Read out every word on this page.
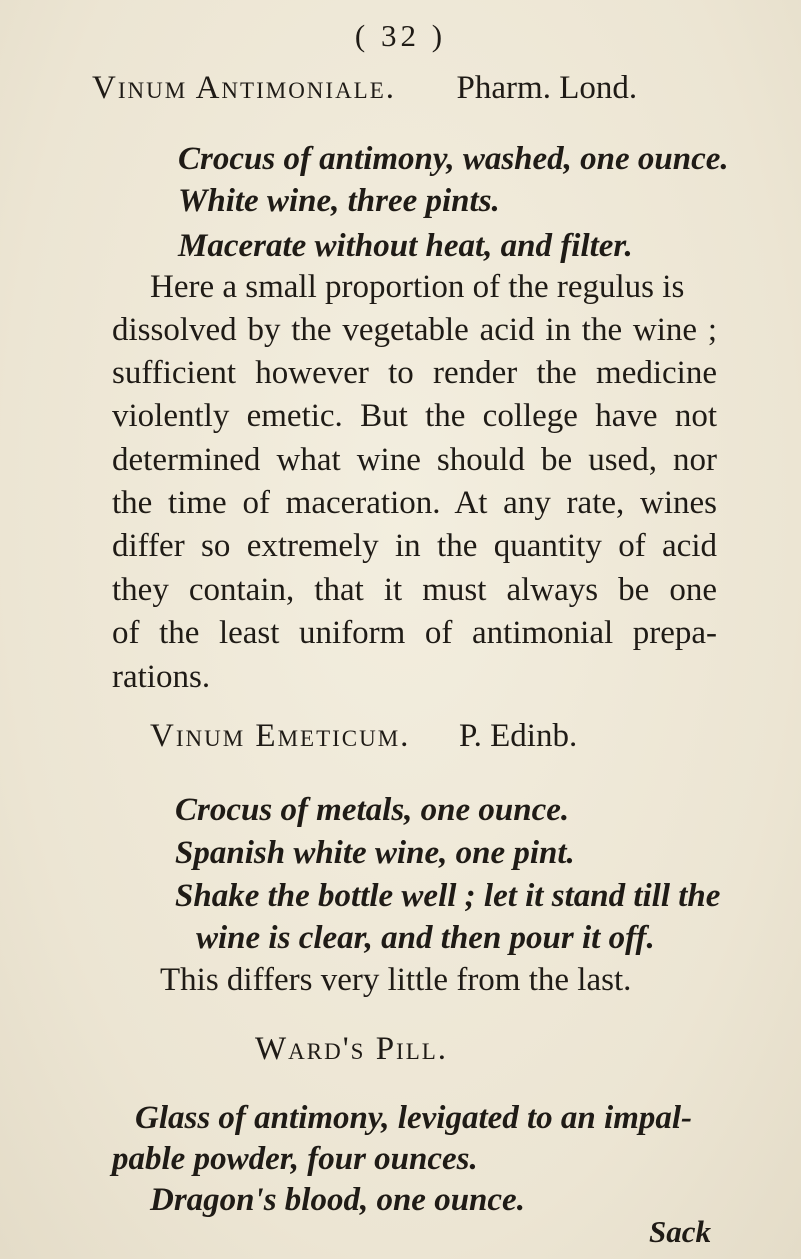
( 32 )
Vinum Antimoniale. Pharm. Lond.
Crocus of antimony, washed, one ounce.
White wine, three pints.
Macerate without heat, and filter.
Here a small proportion of the regulus is
dissolved by the vegetable acid in the wine ;
sufficient however to render the medicine
violently emetic. But the college have not
determined what wine should be used, nor
the time of maceration. At any rate, wines
differ so extremely in the quantity of acid
they contain, that it must always be one
of the least uniform of antimonial prepa-
rations.
Vinum Emeticum. P. Edinb.
Crocus of metals, one ounce.
Spanish white wine, one pint.
Shake the bottle well ; let it stand till the
wine is clear, and then pour it off.
This differs very little from the last.
Ward's Pill.
Glass of antimony, levigated to an impal-
pable powder, four ounces.
Dragon's blood, one ounce.
Sack
